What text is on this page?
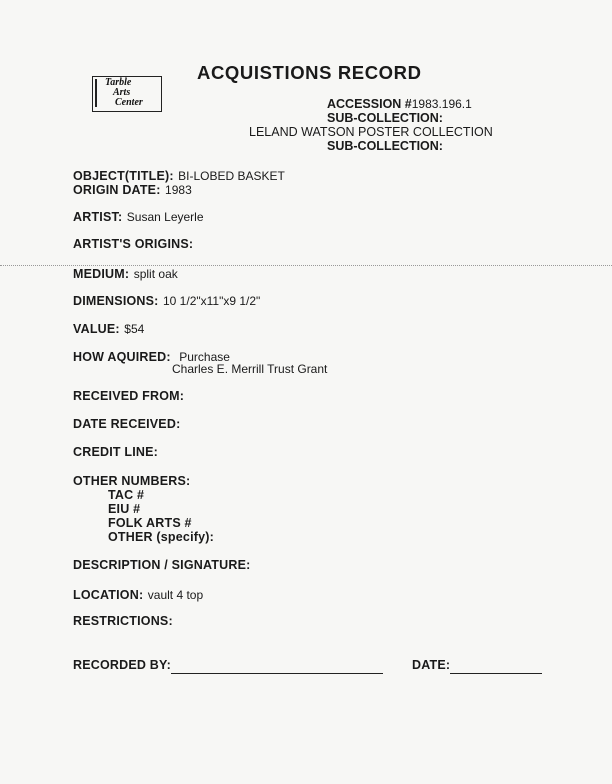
Tarble
Arts
Center
ACQUISTIONS RECORD
ACCESSION #1983.196.1
SUB-COLLECTION:
LELAND WATSON POSTER COLLECTION
SUB-COLLECTION:
OBJECT(TITLE): BI-LOBED BASKET
ORIGIN DATE: 1983
ARTIST: Susan Leyerle
ARTIST'S ORIGINS:
MEDIUM: split oak
DIMENSIONS: 10 1/2"x11"x9 1/2"
VALUE: $54
HOW AQUIRED: Purchase
Charles E. Merrill Trust Grant
RECEIVED FROM:
DATE RECEIVED:
CREDIT LINE:
OTHER NUMBERS:
TAC #
EIU #
FOLK ARTS #
OTHER (specify):
DESCRIPTION / SIGNATURE:
LOCATION: vault 4 top
RESTRICTIONS:
RECORDED BY:	DATE:
